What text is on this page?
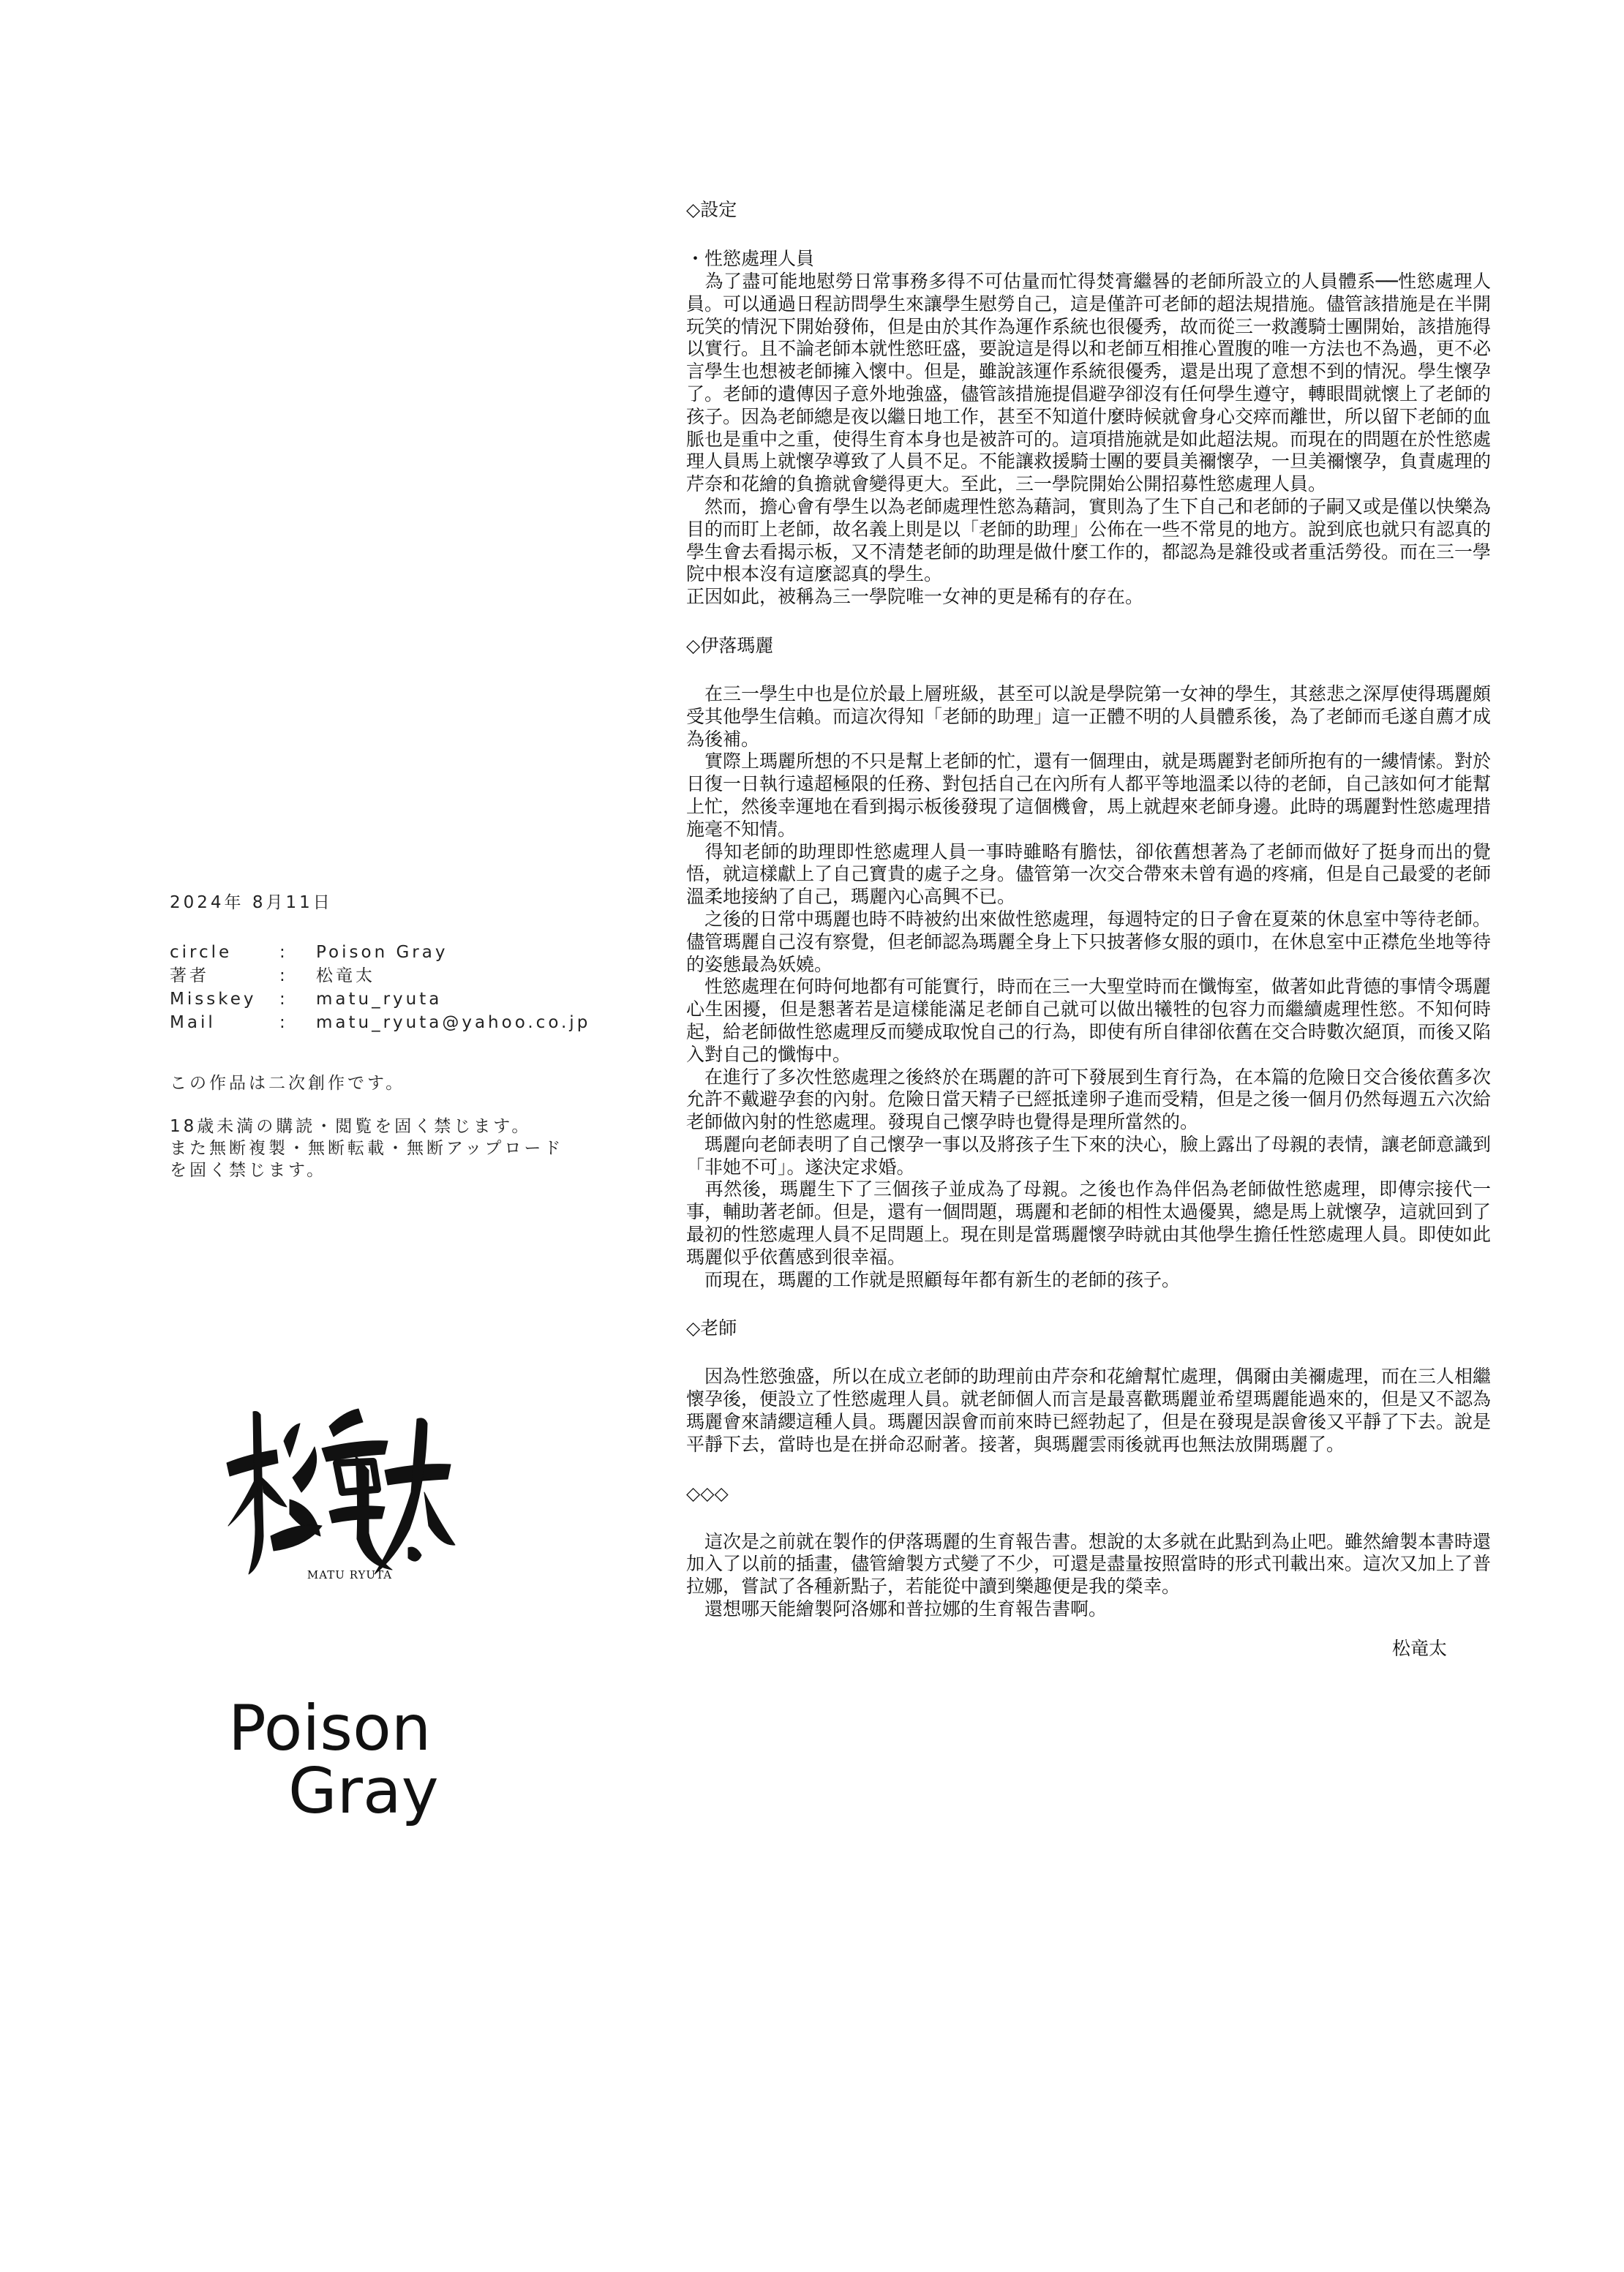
2024年 8月11日
circle	:	Poison Gray
著者	:	松竜太
Misskey	:	matu_ryuta
Mail	:	matu_ryuta@yahoo.co.jp
この作品は二次創作です。
18歳未満の購読・閲覧を固く禁じます。
また無断複製・無断転載・無断アップロード
を固く禁じます。
MATU RYUTA
Poison
Gray
◇設定
・性慾處理人員
　為了盡可能地慰勞日常事務多得不可估量而忙得焚膏繼晷的老師所設立的人員體系──性慾處理人員。可以通過日程訪問學生來讓學生慰勞自己，這是僅許可老師的超法規措施。儘管該措施是在半開玩笑的情況下開始發佈，但是由於其作為運作系統也很優秀，故而從三一救護騎士團開始，該措施得以實行。且不論老師本就性慾旺盛，要說這是得以和老師互相推心置腹的唯一方法也不為過，更不必言學生也想被老師擁入懷中。但是，雖說該運作系統很優秀，還是出現了意想不到的情況。學生懷孕了。老師的遺傳因子意外地強盛，儘管該措施提倡避孕卻沒有任何學生遵守，轉眼間就懷上了老師的孩子。因為老師總是夜以繼日地工作，甚至不知道什麼時候就會身心交瘁而離世，所以留下老師的血脈也是重中之重，使得生育本身也是被許可的。這項措施就是如此超法規。而現在的問題在於性慾處理人員馬上就懷孕導致了人員不足。不能讓救援騎士團的要員美禰懷孕，一旦美禰懷孕，負責處理的芹奈和花繪的負擔就會變得更大。至此，三一學院開始公開招募性慾處理人員。
　然而，擔心會有學生以為老師處理性慾為藉詞，實則為了生下自己和老師的子嗣又或是僅以快樂為目的而盯上老師，故名義上則是以「老師的助理」公佈在一些不常見的地方。說到底也就只有認真的學生會去看揭示板，又不清楚老師的助理是做什麼工作的，都認為是雜役或者重活勞役。而在三一學院中根本沒有這麼認真的學生。
正因如此，被稱為三一學院唯一女神的更是稀有的存在。
◇伊落瑪麗
　在三一學生中也是位於最上層班級，甚至可以說是學院第一女神的學生，其慈悲之深厚使得瑪麗頗受其他學生信賴。而這次得知「老師的助理」這一正體不明的人員體系後，為了老師而毛遂自薦才成為後補。
　實際上瑪麗所想的不只是幫上老師的忙，還有一個理由，就是瑪麗對老師所抱有的一縷情愫。對於日復一日執行遠超極限的任務、對包括自己在內所有人都平等地溫柔以待的老師，自己該如何才能幫上忙，然後幸運地在看到揭示板後發現了這個機會，馬上就趕來老師身邊。此時的瑪麗對性慾處理措施毫不知情。
　得知老師的助理即性慾處理人員一事時雖略有膽怯，卻依舊想著為了老師而做好了挺身而出的覺悟，就這樣獻上了自己寶貴的處子之身。儘管第一次交合帶來未曾有過的疼痛，但是自己最愛的老師溫柔地接納了自己，瑪麗內心高興不已。
　之後的日常中瑪麗也時不時被約出來做性慾處理，每週特定的日子會在夏萊的休息室中等待老師。儘管瑪麗自己沒有察覺，但老師認為瑪麗全身上下只披著修女服的頭巾，在休息室中正襟危坐地等待的姿態最為妖嬈。
　性慾處理在何時何地都有可能實行，時而在三一大聖堂時而在懺悔室，做著如此背德的事情令瑪麗心生困擾，但是懇著若是這樣能滿足老師自己就可以做出犧牲的包容力而繼續處理性慾。不知何時起，給老師做性慾處理反而變成取悅自己的行為，即使有所自律卻依舊在交合時數次絕頂，而後又陷入對自己的懺悔中。
　在進行了多次性慾處理之後終於在瑪麗的許可下發展到生育行為，在本篇的危險日交合後依舊多次允許不戴避孕套的內射。危險日當天精子已經抵達卵子進而受精，但是之後一個月仍然每週五六次給老師做內射的性慾處理。發現自己懷孕時也覺得是理所當然的。
　瑪麗向老師表明了自己懷孕一事以及將孩子生下來的決心，臉上露出了母親的表情，讓老師意識到「非她不可」。遂決定求婚。
　再然後，瑪麗生下了三個孩子並成為了母親。之後也作為伴侶為老師做性慾處理，即傳宗接代一事，輔助著老師。但是，還有一個問題，瑪麗和老師的相性太過優異，總是馬上就懷孕，這就回到了最初的性慾處理人員不足問題上。現在則是當瑪麗懷孕時就由其他學生擔任性慾處理人員。即使如此瑪麗似乎依舊感到很幸福。
　而現在，瑪麗的工作就是照顧每年都有新生的老師的孩子。
◇老師
　因為性慾強盛，所以在成立老師的助理前由芹奈和花繪幫忙處理，偶爾由美禰處理，而在三人相繼懷孕後，便設立了性慾處理人員。就老師個人而言是最喜歡瑪麗並希望瑪麗能過來的，但是又不認為瑪麗會來請纓這種人員。瑪麗因誤會而前來時已經勃起了，但是在發現是誤會後又平靜了下去。說是平靜下去，當時也是在拼命忍耐著。接著，與瑪麗雲雨後就再也無法放開瑪麗了。
◇◇◇
　這次是之前就在製作的伊落瑪麗的生育報告書。想說的太多就在此點到為止吧。雖然繪製本書時還加入了以前的插畫，儘管繪製方式變了不少，可還是盡量按照當時的形式刊載出來。這次又加上了普拉娜，嘗試了各種新點子，若能從中讀到樂趣便是我的榮幸。
　還想哪天能繪製阿洛娜和普拉娜的生育報告書啊。
松竜太
